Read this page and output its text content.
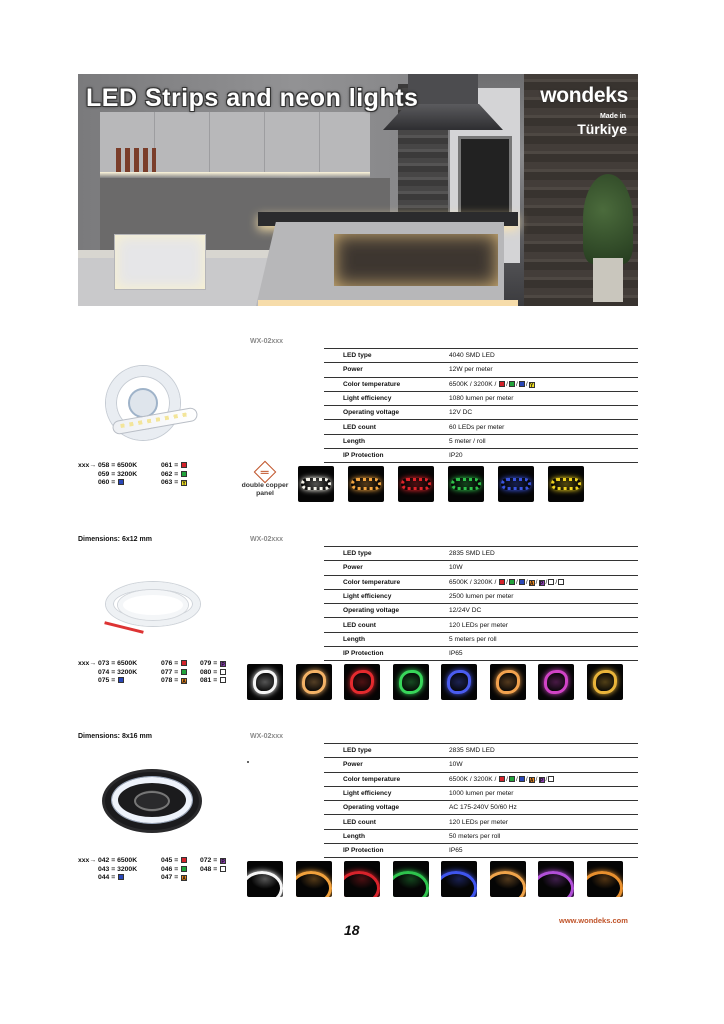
LED Strips and neon lights	wondeks
Made in
Türkiye
WX-02xxx
LED type	4040 SMD LED
Power	12W per meter
Color temperature	6500K / 3200K / / / / Y
Light efficiency	1080 lumen per meter
Operating voltage	12V DC
LED count	60 LEDs per meter
Length	5 meter / roll
IP Protection	IP20
xxx→ 058 = 6500K
059 = 3200K
060 =
061 =
062 =
063 = Y	double copper panel
Dimensions: 6x12 mm	WX-02xxx
LED type	2835 SMD LED
Power	10W
Color temperature	6500K / 3200K / / / / A / P / /
Light efficiency	2500 lumen per meter
Operating voltage	12/24V DC
LED count	120 LEDs per meter
Length	5 meters per roll
IP Protection	IP65
xxx→ 073 = 6500K
074 = 3200K
075 =
076 =
077 =
078 = A
079 = P
080 =
081 =
Dimensions: 8x16 mm	WX-02xxx
LED type	2835 SMD LED
Power	10W
Color temperature	6500K / 3200K / / / / A / P /
Light efficiency	1000 lumen per meter
Operating voltage	AC 175-240V 50/60 Hz
LED count	120 LEDs per meter
Length	50 meters per roll
IP Protection	IP65
xxx→ 042 = 6500K
043 = 3200K
044 =
045 =
046 =
047 = A
072 = P
048 =
18
www.wondeks.com
